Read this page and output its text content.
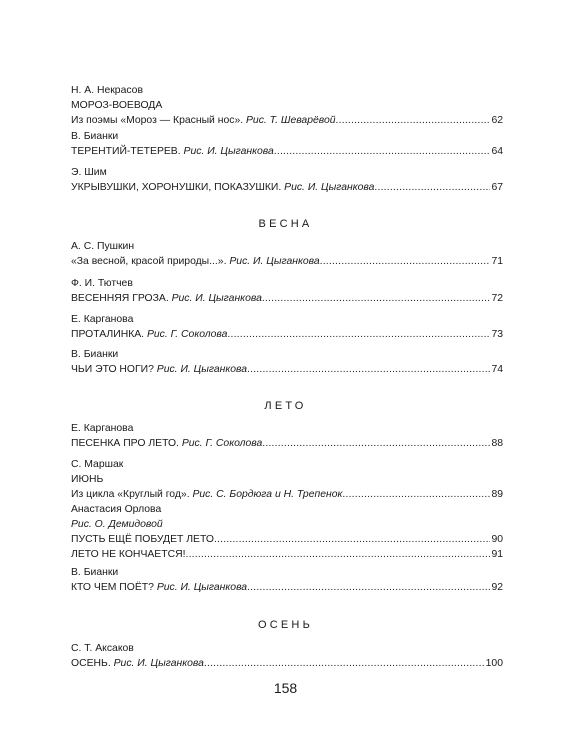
Н. А. Некрасов
МОРОЗ-ВОЕВОДА
Из поэмы «Мороз — Красный нос». Рис. Т. Шеварёвой .....	62
В. Бианки
ТЕРЕНТИЙ-ТЕТЕРЕВ. Рис. И. Цыганкова .....	64
Э. Шим
УКРЫВУШКИ, ХОРОНУШКИ, ПОКАЗУШКИ. Рис. И. Цыганкова .....	67
ВЕСНА
А. С. Пушкин
«За весной, красой природы...». Рис. И. Цыганкова .....	71
Ф. И. Тютчев
ВЕСЕННЯЯ ГРОЗА. Рис. И. Цыганкова .....	72
Е. Карганова
ПРОТАЛИНКА. Рис. Г. Соколова .....	73
В. Бианки
ЧЬИ ЭТО НОГИ? Рис. И. Цыганкова .....	74
ЛЕТО
Е. Карганова
ПЕСЕНКА ПРО ЛЕТО. Рис. Г. Соколова .....	88
С. Маршак
ИЮНЬ
Из цикла «Круглый год». Рис. С. Бордюга и Н. Трепенок .....	89
Анастасия Орлова
Рис. О. Демидовой
ПУСТЬ ЕЩЁ ПОБУДЕТ ЛЕТО .....	90
ЛЕТО НЕ КОНЧАЕТСЯ! .....	91
В. Бианки
КТО ЧЕМ ПОЁТ? Рис. И. Цыганкова .....	92
ОСЕНЬ
С. Т. Аксаков
ОСЕНЬ. Рис. И. Цыганкова .....	100
158
